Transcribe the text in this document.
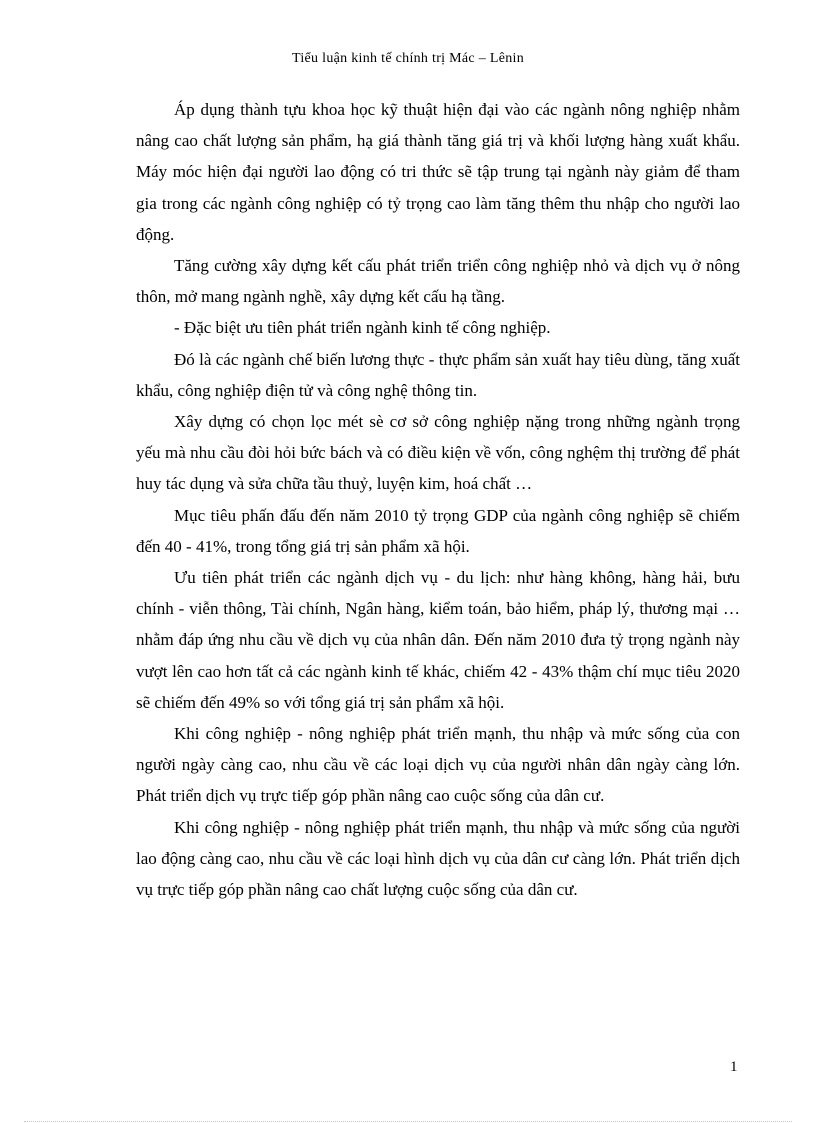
Tiểu luận kinh tế chính trị Mác – Lênin

Áp dụng thành tựu khoa học kỹ thuật hiện đại vào các ngành nông nghiệp nhằm nâng cao chất lượng sản phẩm, hạ giá thành tăng giá trị và khối lượng hàng xuất khẩu. Máy móc hiện đại người lao động có tri thức sẽ tập trung tại ngành này giảm để tham gia trong các ngành công nghiệp có tỷ trọng cao làm tăng thêm thu nhập cho người lao động.

Tăng cường xây dựng kết cấu phát triển triển công nghiệp nhỏ và dịch vụ ở nông thôn, mở mang ngành nghề, xây dựng kết cấu hạ tầng.

- Đặc biệt ưu tiên phát triển ngành kinh tế công nghiệp.

Đó là các ngành chế biến lương thực - thực phẩm sản xuất hay tiêu dùng, tăng xuất khẩu, công nghiệp điện tử và công nghệ thông tin.

Xây dựng có chọn lọc mét sè cơ sở công nghiệp nặng trong những ngành trọng yếu mà nhu cầu đòi hỏi bức bách và có điều kiện về vốn, công nghệm thị trường để phát huy tác dụng và sửa chữa tầu thuỷ, luyện kim, hoá chất …

Mục tiêu phấn đấu đến năm 2010 tỷ trọng GDP của ngành công nghiệp sẽ chiếm đến 40 - 41%, trong tổng giá trị sản phẩm xã hội.

Ưu tiên phát triển các ngành dịch vụ - du lịch: như hàng không, hàng hải, bưu chính - viễn thông, Tài chính, Ngân hàng, kiểm toán, bảo hiểm, pháp lý, thương mại … nhằm đáp ứng nhu cầu về dịch vụ của nhân dân. Đến năm 2010 đưa tỷ trọng ngành này vượt lên cao hơn tất cả các ngành kinh tế khác, chiếm 42 - 43% thậm chí mục tiêu 2020 sẽ chiếm đến 49% so với tổng giá trị sản phẩm xã hội.

Khi công nghiệp - nông nghiệp phát triển mạnh, thu nhập và mức sống của con người ngày càng cao, nhu cầu về các loại dịch vụ của người nhân dân ngày càng lớn. Phát triển dịch vụ trực tiếp góp phần nâng cao cuộc sống của dân cư.

Khi công nghiệp - nông nghiệp phát triển mạnh, thu nhập và mức sống của người lao động càng cao, nhu cầu về các loại hình dịch vụ của dân cư càng lớn. Phát triển dịch vụ trực tiếp góp phần nâng cao chất lượng cuộc sống của dân cư.

1
